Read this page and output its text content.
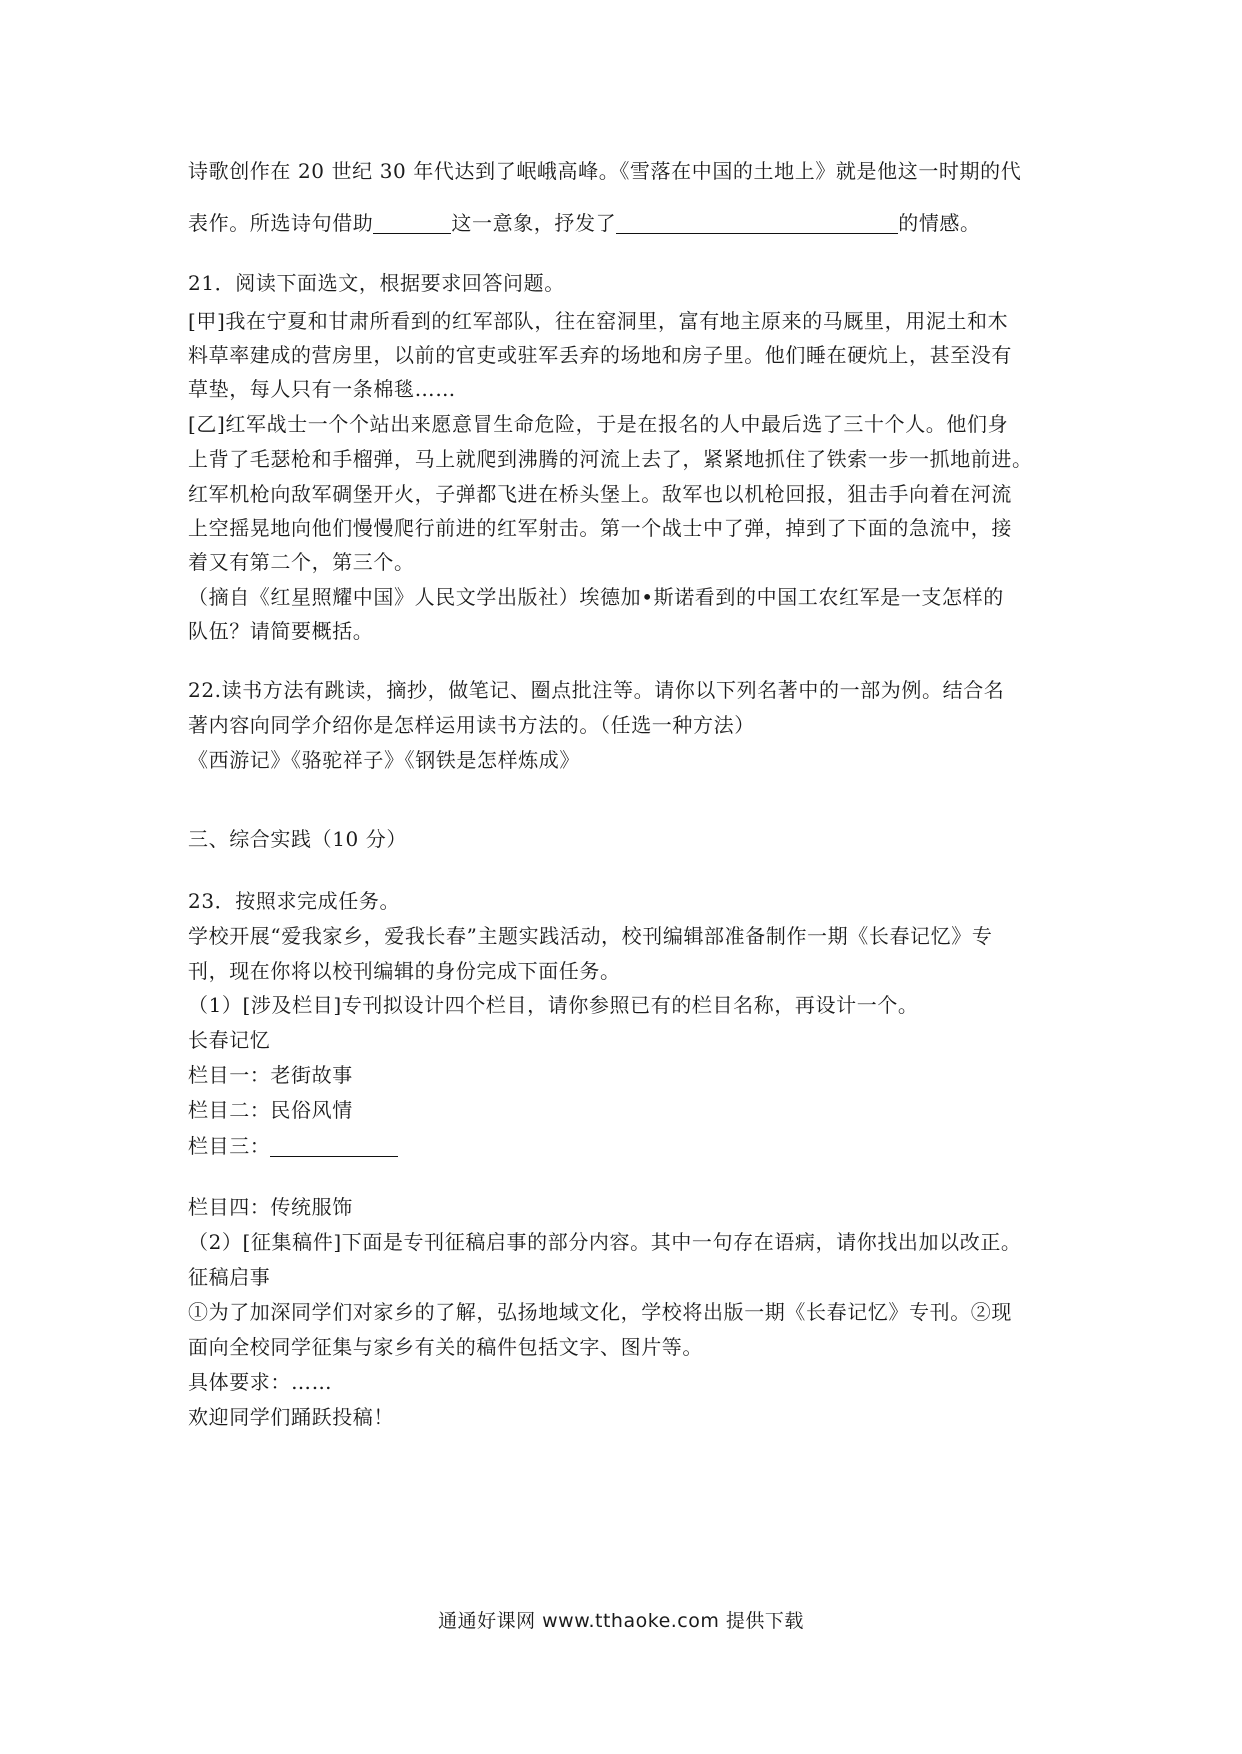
诗歌创作在 20 世纪 30 年代达到了岷峨高峰。《雪落在中国的土地上》就是他这一时期的代
表作。所选诗句借助	这一意象，抒发了	的情感。
21．阅读下面选文，根据要求回答问题。
[甲]我在宁夏和甘肃所看到的红军部队，往在窑洞里，富有地主原来的马厩里，用泥土和木
料草率建成的营房里，以前的官吏或驻军丢弃的场地和房子里。他们睡在硬炕上，甚至没有
草垫，每人只有一条棉毯……
[乙]红军战士一个个站出来愿意冒生命危险，于是在报名的人中最后选了三十个人。他们身
上背了毛瑟枪和手榴弹，马上就爬到沸腾的河流上去了，紧紧地抓住了铁索一步一抓地前进。
红军机枪向敌军碉堡开火，子弹都飞进在桥头堡上。敌军也以机枪回报，狙击手向着在河流
上空摇晃地向他们慢慢爬行前进的红军射击。第一个战士中了弹，掉到了下面的急流中，接
着又有第二个，第三个。
（摘自《红星照耀中国》人民文学出版社）埃德加•斯诺看到的中国工农红军是一支怎样的
队伍？请简要概括。
22.读书方法有跳读，摘抄，做笔记、圈点批注等。请你以下列名著中的一部为例。结合名
著内容向同学介绍你是怎样运用读书方法的。（任选一种方法）
《西游记》《骆驼祥子》《钢铁是怎样炼成》
三、综合实践（10 分）
23．按照求完成任务。
学校开展“爱我家乡，爱我长春”主题实践活动，校刊编辑部准备制作一期《长春记忆》专
刊，现在你将以校刊编辑的身份完成下面任务。
（1）[涉及栏目]专刊拟设计四个栏目，请你参照已有的栏目名称，再设计一个。
长春记忆
栏目一：老街故事
栏目二：民俗风情
栏目三：
栏目四：传统服饰
（2）[征集稿件]下面是专刊征稿启事的部分内容。其中一句存在语病，请你找出加以改正。
征稿启事
①为了加深同学们对家乡的了解，弘扬地域文化，学校将出版一期《长春记忆》专刊。②现
面向全校同学征集与家乡有关的稿件包括文字、图片等。
具体要求：……
欢迎同学们踊跃投稿！
通通好课网 www.tthaoke.com 提供下载
